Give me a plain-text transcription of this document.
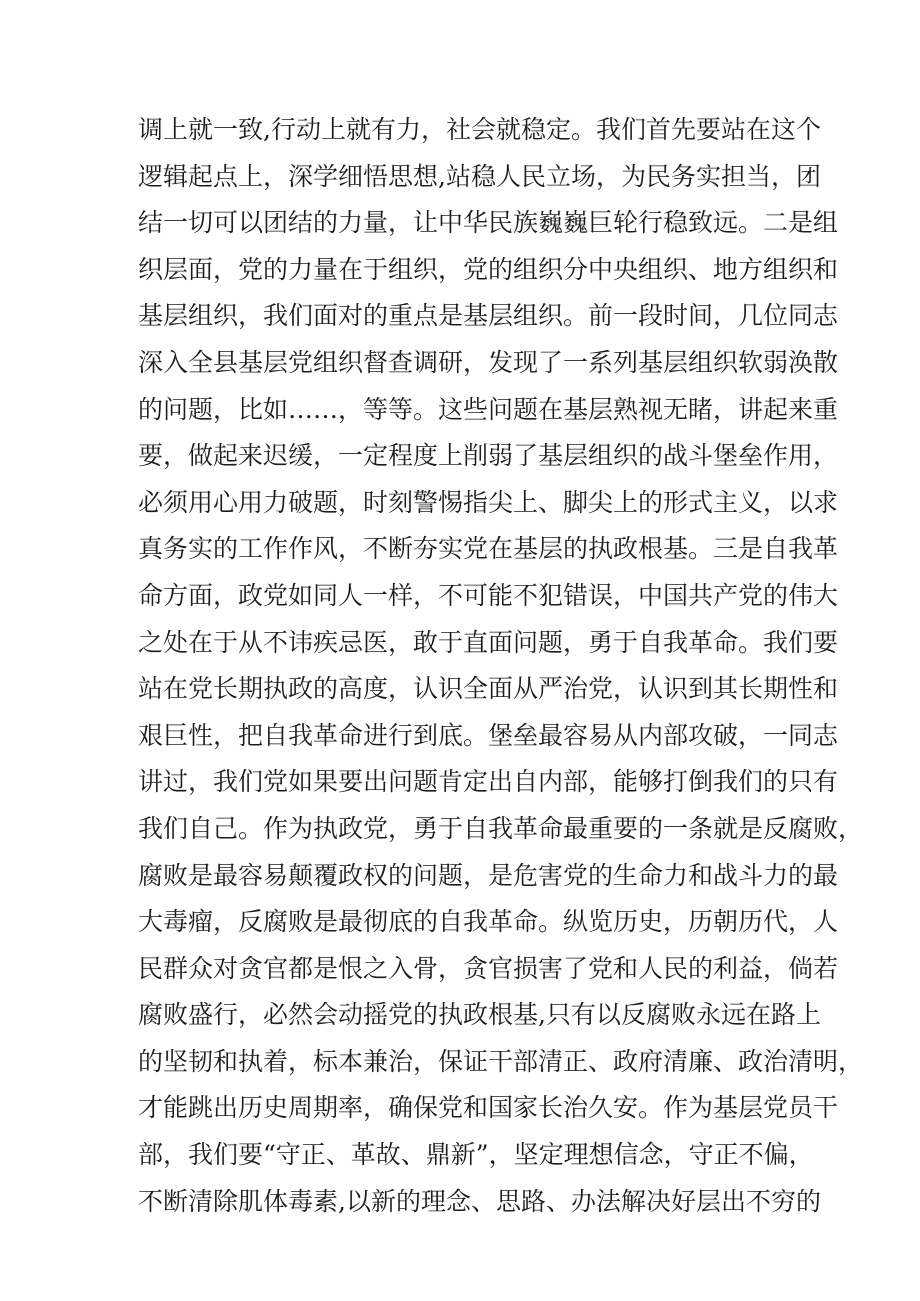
调上就一致,行动上就有力，社会就稳定。我们首先要站在这个
逻辑起点上，深学细悟思想,站稳人民立场，为民务实担当，团
结一切可以团结的力量，让中华民族巍巍巨轮行稳致远。二是组
织层面，党的力量在于组织，党的组织分中央组织、地方组织和
基层组织，我们面对的重点是基层组织。前一段时间，几位同志
深入全县基层党组织督查调研，发现了一系列基层组织软弱涣散
的问题，比如……，等等。这些问题在基层熟视无睹，讲起来重
要，做起来迟缓，一定程度上削弱了基层组织的战斗堡垒作用，
必须用心用力破题，时刻警惕指尖上、脚尖上的形式主义，以求
真务实的工作作风，不断夯实党在基层的执政根基。三是自我革
命方面，政党如同人一样，不可能不犯错误，中国共产党的伟大
之处在于从不讳疾忌医，敢于直面问题，勇于自我革命。我们要
站在党长期执政的高度，认识全面从严治党，认识到其长期性和
艰巨性，把自我革命进行到底。堡垒最容易从内部攻破，一同志
讲过，我们党如果要出问题肯定出自内部，能够打倒我们的只有
我们自己。作为执政党，勇于自我革命最重要的一条就是反腐败，
腐败是最容易颠覆政权的问题，是危害党的生命力和战斗力的最
大毒瘤，反腐败是最彻底的自我革命。纵览历史，历朝历代，人
民群众对贪官都是恨之入骨，贪官损害了党和人民的利益，倘若
腐败盛行，必然会动摇党的执政根基,只有以反腐败永远在路上
的坚韧和执着，标本兼治，保证干部清正、政府清廉、政治清明，
才能跳出历史周期率，确保党和国家长治久安。作为基层党员干
部，我们要“守正、革故、鼎新”，坚定理想信念，守正不偏，
不断清除肌体毒素,以新的理念、思路、办法解决好层出不穷的
